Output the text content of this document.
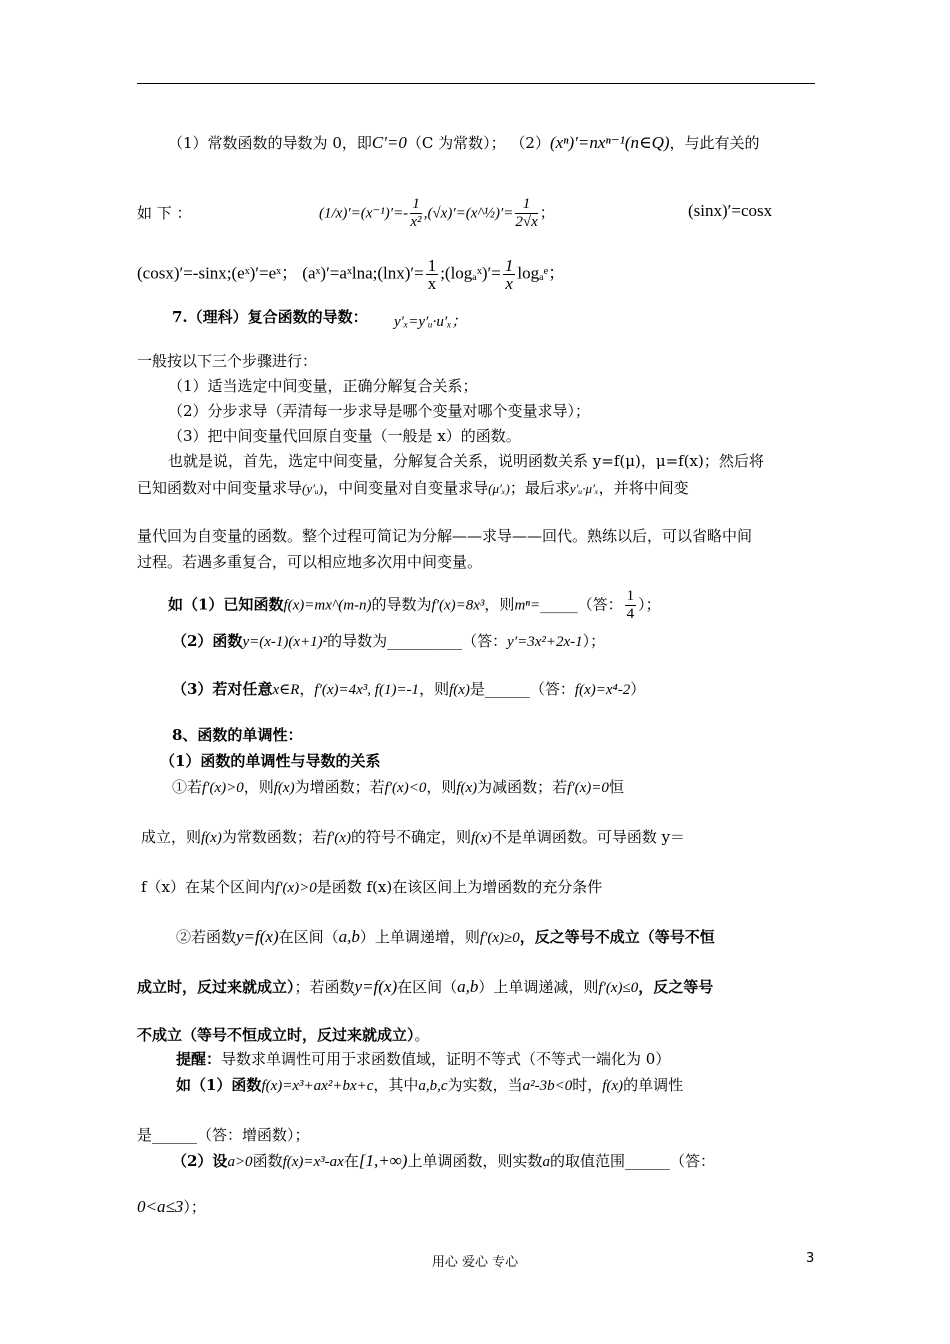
（1）常数函数的导数为 0，即C′=0（C 为常数）； （2）(xⁿ)′=nxⁿ⁻¹(n∈Q)，与此有关的
如 下 ：	$(1/x)'=(x^{-1})'=- \frac{1}{\text{x²}}$ ,(√x)′=(x^½)′= $\frac{1}{2√x}$ ；	(sinx)′=cosx
(cosx)′=-sinx;(eˣ)′=eˣ； (aˣ)′=aˣlna;(lnx)′= $\frac{1}{x}$ ;(logₐˣ)′= $\frac{1}{x}$ logₐᵉ；
7.（理科）复合函数的导数： y′ₓ=y′ᵤ·u′ₓ；
一般按以下三个步骤进行：
（1）适当选定中间变量，正确分解复合关系；
（2）分步求导（弄清每一步求导是哪个变量对哪个变量求导）；
（3）把中间变量代回原自变量（一般是 x）的函数。
也就是说，首先，选定中间变量，分解复合关系，说明函数关系 y=f(μ)，μ=f(x)；然后将
已知函数对中间变量求导(y′ᵤ)，中间变量对自变量求导(μ′ₓ)；最后求y′ᵤ·μ′ₓ，并将中间变
量代回为自变量的函数。整个过程可简记为分解——求导——回代。熟练以后，可以省略中间
过程。若遇多重复合，可以相应地多次用中间变量。
如（1）已知函数f(x)=mx^(m-n)的导数为f′(x)=8x³，则mⁿ=_____（答： $\frac{1}{4}$ ）；
（2）函数y=(x-1)(x+1)²的导数为__________（答：y′=3x²+2x-1）；
（3）若对任意x∈R，f′(x)=4x³, f(1)=-1，则f(x)是______（答：f(x)=x⁴-2）
8、函数的单调性：
（1）函数的单调性与导数的关系
①若f′(x)>0，则f(x)为增函数；若f′(x)<0，则f(x)为减函数；若f′(x)=0恒
成立，则f(x)为常数函数；若f′(x)的符号不确定，则f(x)不是单调函数。可导函数 y＝
f（x）在某个区间内f′(x)>0是函数 f(x)在该区间上为增函数的充分条件
②若函数y=f(x)在区间（a,b）上单调递增，则f′(x)≥0，反之等号不成立（等号不恒
成立时，反过来就成立）；若函数y=f(x)在区间（a,b）上单调递减，则f′(x)≤0，反之等号
不成立（等号不恒成立时，反过来就成立）。
提醒：导数求单调性可用于求函数值域，证明不等式（不等式一端化为 0）
如（1）函数f(x)=x³+ax²+bx+c，其中a,b,c为实数，当a²-3b<0时，f(x)的单调性
是______（答：增函数）；
（2）设a>0函数f(x)=x³-ax在[1,+∞)上单调函数，则实数a的取值范围______（答：
0<a≤3）；
用心 爱心 专心	3
